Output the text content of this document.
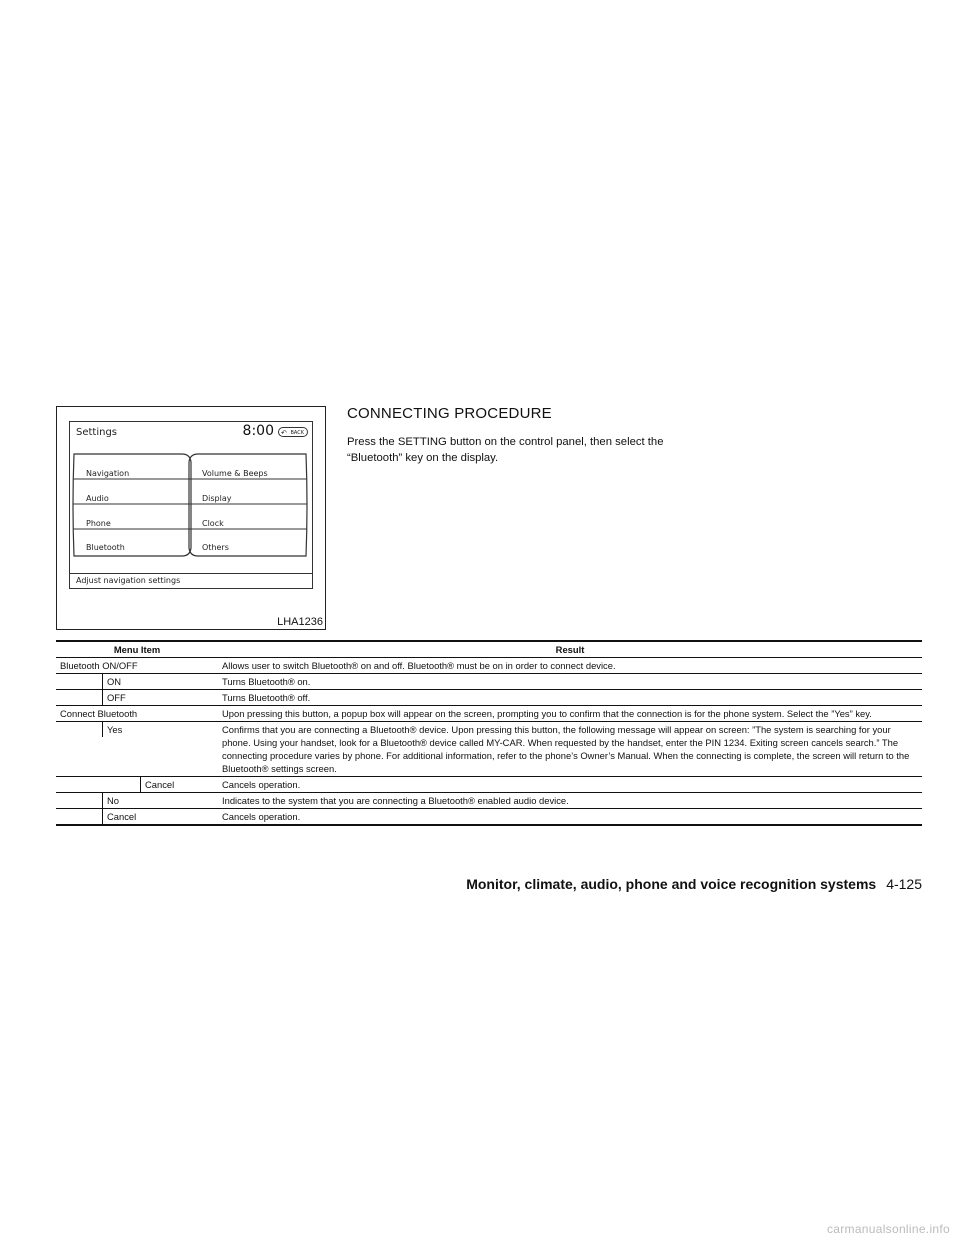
Settings	8:00 ↶ BACK
Navigation
Audio
Phone
Bluetooth
Volume & Beeps
Display
Clock
Others
Adjust navigation settings
LHA1236
CONNECTING PROCEDURE
Press the SETTING button on the control panel, then select the “Bluetooth” key on the display.
Menu Item	Result
Bluetooth ON/OFF	Allows user to switch Bluetooth® on and off. Bluetooth® must be on in order to connect device.

ON	Turns Bluetooth® on.

OFF	Turns Bluetooth® off.
Connect Bluetooth	Upon pressing this button, a popup box will appear on the screen, prompting you to confirm that the connection is for the phone system. Select the ”Yes” key.

Yes	Confirms that you are connecting a Bluetooth® device. Upon pressing this button, the following message will appear on screen: ”The system is searching for your phone. Using your handset, look for a Bluetooth® device called MY-CAR. When requested by the handset, enter the PIN 1234. Exiting screen cancels search.” The connecting procedure varies by phone. For additional information, refer to the phone’s Owner’s Manual. When the connecting is complete, the screen will return to the Bluetooth® settings screen.

Cancel	Cancels operation.

No	Indicates to the system that you are connecting a Bluetooth® enabled audio device.

Cancel	Cancels operation.
Monitor, climate, audio, phone and voice recognition systems 4-125
carmanualsonline.info
